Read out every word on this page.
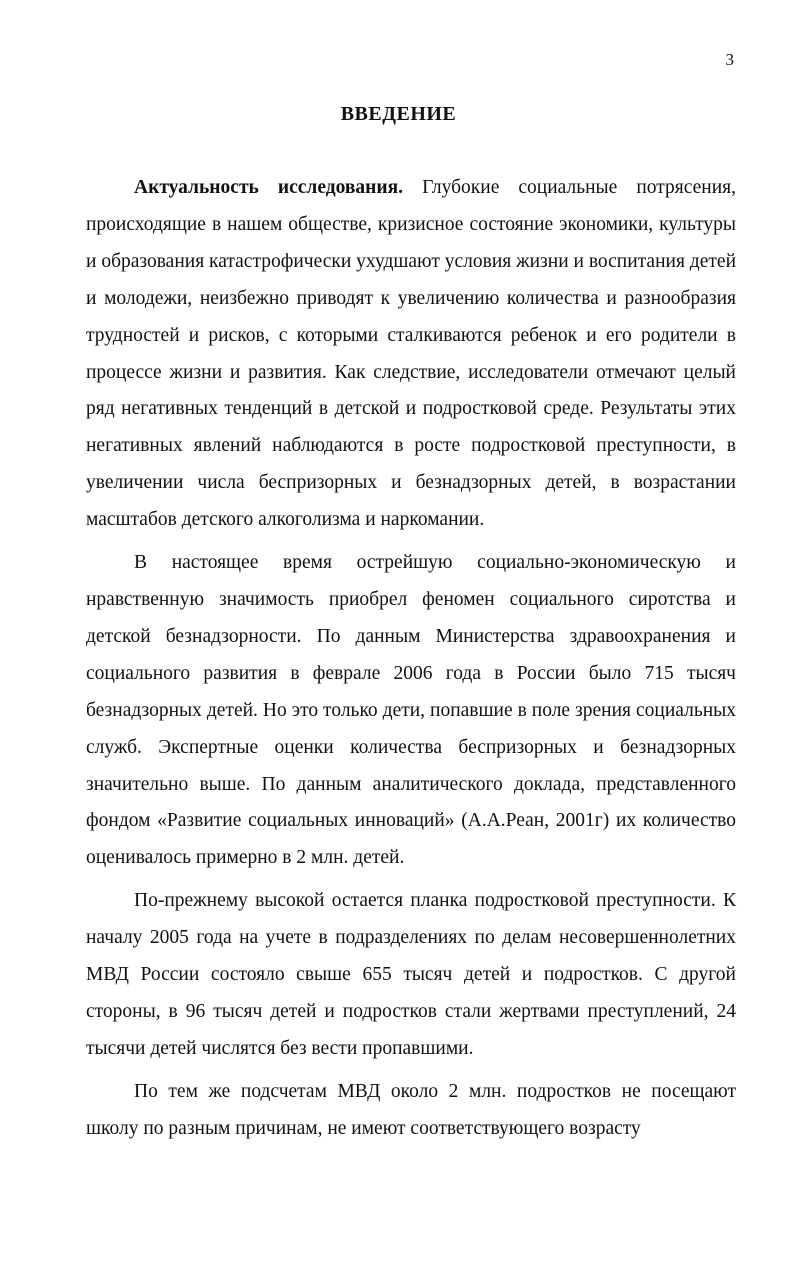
3
ВВЕДЕНИЕ

Актуальность исследования. Глубокие социальные потрясения, происходящие в нашем обществе, кризисное состояние экономики, культуры и образования катастрофически ухудшают условия жизни и воспитания детей и молодежи, неизбежно приводят к увеличению количества и разнообразия трудностей и рисков, с которыми сталкиваются ребенок и его родители в процессе жизни и развития. Как следствие, исследователи отмечают целый ряд негативных тенденций в детской и подростковой среде. Результаты этих негативных явлений наблюдаются в росте подростковой преступности, в увеличении числа беспризорных и безнадзорных детей, в возрастании масштабов детского алкоголизма и наркомании.

В настоящее время острейшую социально-экономическую и нравственную значимость приобрел феномен социального сиротства и детской безнадзорности. По данным Министерства здравоохранения и социального развития в феврале 2006 года в России было 715 тысяч безнадзорных детей. Но это только дети, попавшие в поле зрения социальных служб. Экспертные оценки количества беспризорных и безнадзорных значительно выше. По данным аналитического доклада, представленного фондом «Развитие социальных инноваций» (А.А.Реан, 2001г) их количество оценивалось примерно в 2 млн. детей.

По-прежнему высокой остается планка подростковой преступности. К началу 2005 года на учете в подразделениях по делам несовершеннолетних МВД России состояло свыше 655 тысяч детей и подростков. С другой стороны, в 96 тысяч детей и подростков стали жертвами преступлений, 24 тысячи детей числятся без вести пропавшими.

По тем же подсчетам МВД около 2 млн. подростков не посещают школу по разным причинам, не имеют соответствующего возрасту
